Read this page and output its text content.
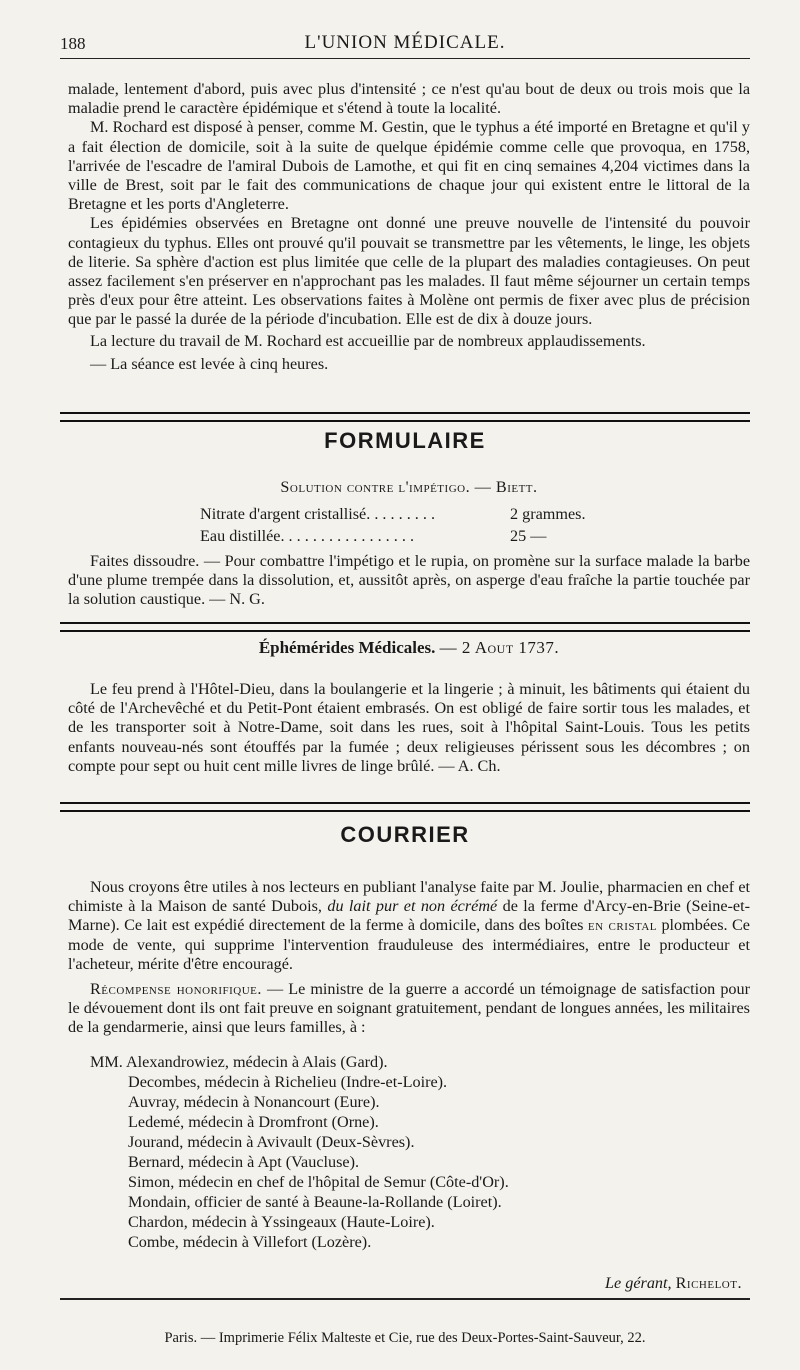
188	L'UNION MÉDICALE.

malade, lentement d'abord, puis avec plus d'intensité ; ce n'est qu'au bout de deux ou trois mois que la maladie prend le caractère épidémique et s'étend à toute la localité.

M. Rochard est disposé à penser, comme M. Gestin, que le typhus a été importé en Bretagne et qu'il y a fait élection de domicile, soit à la suite de quelque épidémie comme celle que provoqua, en 1758, l'arrivée de l'escadre de l'amiral Dubois de Lamothe, et qui fit en cinq semaines 4,204 victimes dans la ville de Brest, soit par le fait des communications de chaque jour qui existent entre le littoral de la Bretagne et les ports d'Angleterre.

Les épidémies observées en Bretagne ont donné une preuve nouvelle de l'intensité du pouvoir contagieux du typhus. Elles ont prouvé qu'il pouvait se transmettre par les vêtements, le linge, les objets de literie. Sa sphère d'action est plus limitée que celle de la plupart des maladies contagieuses. On peut assez facilement s'en préserver en n'approchant pas les malades. Il faut même séjourner un certain temps près d'eux pour être atteint. Les observations faites à Molène ont permis de fixer avec plus de précision que par le passé la durée de la période d'incubation. Elle est de dix à douze jours.

La lecture du travail de M. Rochard est accueillie par de nombreux applaudissements.

— La séance est levée à cinq heures.

FORMULAIRE
Solution contre l'impétigo. — Biett.
Nitrate d'argent cristallisé. . . . . . . . .	2 grammes.
Eau distillée. . . . . . . . . . . . . . . . .	25 —

Faites dissoudre. — Pour combattre l'impétigo et le rupia, on promène sur la surface malade la barbe d'une plume trempée dans la dissolution, et, aussitôt après, on asperge d'eau fraîche la partie touchée par la solution caustique. — N. G.

Éphémérides Médicales. — 2 Aout 1737.

Le feu prend à l'Hôtel-Dieu, dans la boulangerie et la lingerie ; à minuit, les bâtiments qui étaient du côté de l'Archevêché et du Petit-Pont étaient embrasés. On est obligé de faire sortir tous les malades, et de les transporter soit à Notre-Dame, soit dans les rues, soit à l'hôpital Saint-Louis. Tous les petits enfants nouveau-nés sont étouffés par la fumée ; deux religieuses périssent sous les décombres ; on compte pour sept ou huit cent mille livres de linge brûlé. — A. Ch.

COURRIER

Nous croyons être utiles à nos lecteurs en publiant l'analyse faite par M. Joulie, pharmacien en chef et chimiste à la Maison de santé Dubois, du lait pur et non écrémé de la ferme d'Arcy-en-Brie (Seine-et-Marne). Ce lait est expédié directement de la ferme à domicile, dans des boîtes en cristal plombées. Ce mode de vente, qui supprime l'intervention frauduleuse des intermédiaires, entre le producteur et l'acheteur, mérite d'être encouragé.

Récompense honorifique. — Le ministre de la guerre a accordé un témoignage de satisfaction pour le dévouement dont ils ont fait preuve en soignant gratuitement, pendant de longues années, les militaires de la gendarmerie, ainsi que leurs familles, à :

MM. Alexandrowiez, médecin à Alais (Gard).
Decombes, médecin à Richelieu (Indre-et-Loire).
Auvray, médecin à Nonancourt (Eure).
Ledemé, médecin à Dromfront (Orne).
Jourand, médecin à Avivault (Deux-Sèvres).
Bernard, médecin à Apt (Vaucluse).
Simon, médecin en chef de l'hôpital de Semur (Côte-d'Or).
Mondain, officier de santé à Beaune-la-Rollande (Loiret).
Chardon, médecin à Yssingeaux (Haute-Loire).
Combe, médecin à Villefort (Lozère).
Le gérant, Richelot.
Paris. — Imprimerie Félix Malteste et Cie, rue des Deux-Portes-Saint-Sauveur, 22.
